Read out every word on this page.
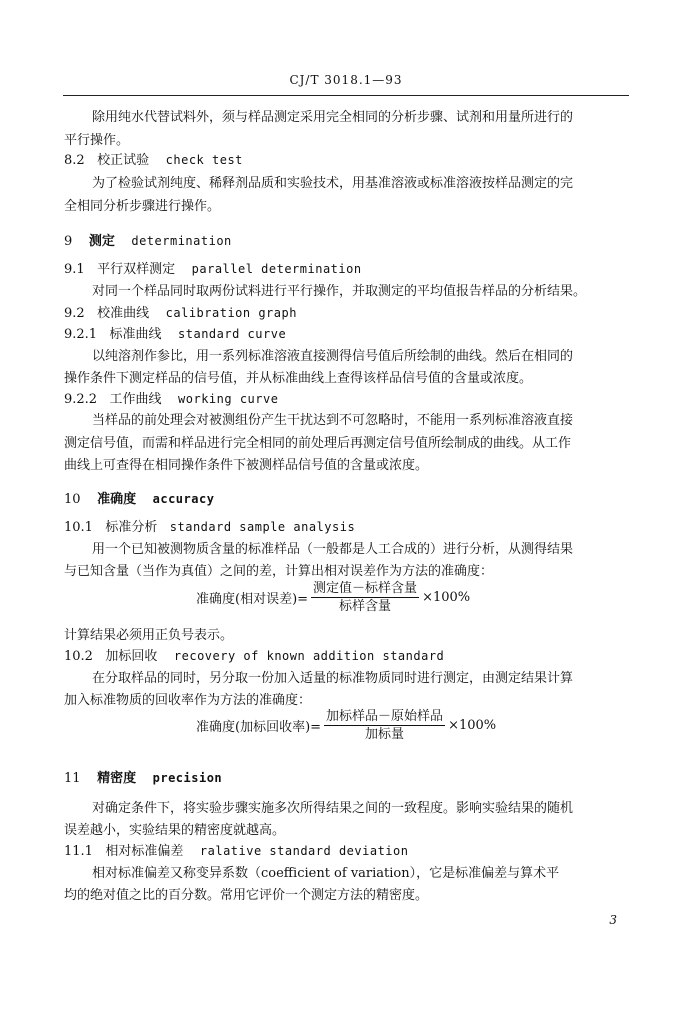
CJ/T 3018.1—93
除用纯水代替试料外，须与样品测定采用完全相同的分析步骤、试剂和用量所进行的
平行操作。
8.2 校正试验 check test
为了检验试剂纯度、稀释剂品质和实验技术，用基准溶液或标准溶液按样品测定的完
全相同分析步骤进行操作。
9 测定 determination
9.1 平行双样测定 parallel determination
对同一个样品同时取两份试料进行平行操作，并取测定的平均值报告样品的分析结果。
9.2 校准曲线 calibration graph
9.2.1 标准曲线 standard curve
以纯溶剂作参比，用一系列标准溶液直接测得信号值后所绘制的曲线。然后在相同的
操作条件下测定样品的信号值，并从标准曲线上查得该样品信号值的含量或浓度。
9.2.2 工作曲线 working curve
当样品的前处理会对被测组份产生干扰达到不可忽略时，不能用一系列标准溶液直接
测定信号值，而需和样品进行完全相同的前处理后再测定信号值所绘制成的曲线。从工作
曲线上可查得在相同操作条件下被测样品信号值的含量或浓度。
10 准确度 accuracy
10.1 标准分析 standard sample analysis
用一个已知被测物质含量的标准样品（一般都是人工合成的）进行分析，从测得结果
与已知含量（当作为真值）之间的差，计算出相对误差作为方法的准确度：
准确度(相对误差)= $\frac{\text{测定值－标样含量}}{\text{标样含量}} \times 100\%$
计算结果必须用正负号表示。
10.2 加标回收 recovery of known addition standard
在分取样品的同时，另分取一份加入适量的标准物质同时进行测定，由测定结果计算
加入标准物质的回收率作为方法的准确度：
准确度(加标回收率)= $\frac{\text{加标样品－原始样品}}{\text{加标量}} \times 100\%$
11 精密度 precision
对确定条件下，将实验步骤实施多次所得结果之间的一致程度。影响实验结果的随机
误差越小，实验结果的精密度就越高。
11.1 相对标准偏差 ralative standard deviation
相对标准偏差又称变异系数（coefficient of variation），它是标准偏差与算术平
均的绝对值之比的百分数。常用它评价一个测定方法的精密度。
3
